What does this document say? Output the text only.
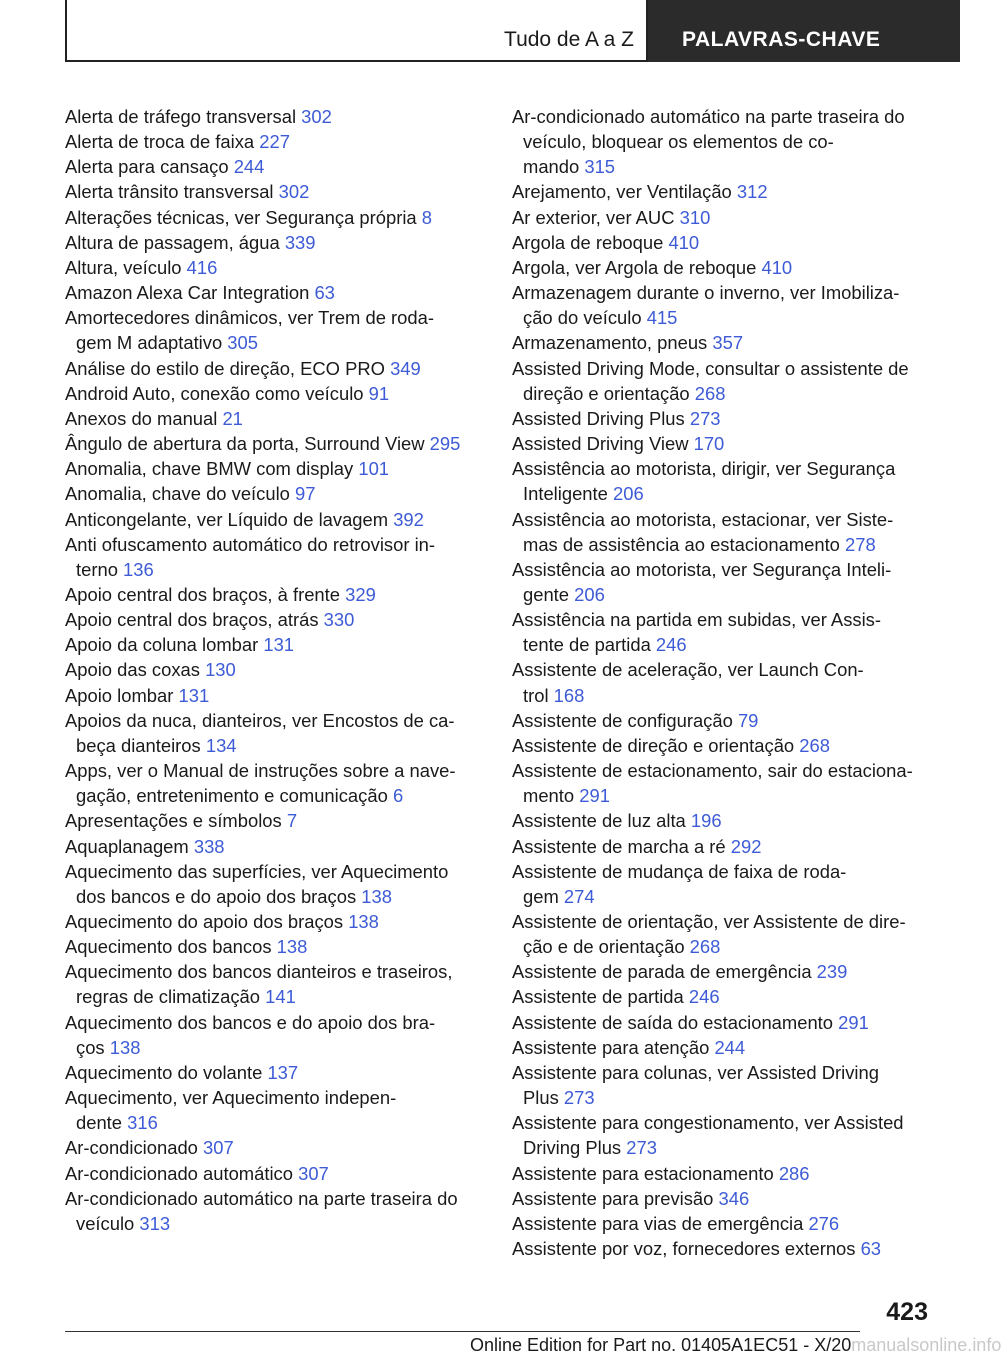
Tudo de A a Z PALAVRAS-CHAVE
Alerta de tráfego transversal 302
Alerta de troca de faixa 227
Alerta para cansaço 244
Alerta trânsito transversal 302
Alterações técnicas, ver Segurança própria 8
Altura de passagem, água 339
Altura, veículo 416
Amazon Alexa Car Integration 63
Amortecedores dinâmicos, ver Trem de roda-
gem M adaptativo 305
Análise do estilo de direção, ECO PRO 349
Android Auto, conexão como veículo 91
Anexos do manual 21
Ângulo de abertura da porta, Surround View 295
Anomalia, chave BMW com display 101
Anomalia, chave do veículo 97
Anticongelante, ver Líquido de lavagem 392
Anti ofuscamento automático do retrovisor in-
terno 136
Apoio central dos braços, à frente 329
Apoio central dos braços, atrás 330
Apoio da coluna lombar 131
Apoio das coxas 130
Apoio lombar 131
Apoios da nuca, dianteiros, ver Encostos de ca-
beça dianteiros 134
Apps, ver o Manual de instruções sobre a nave-
gação, entretenimento e comunicação 6
Apresentações e símbolos 7
Aquaplanagem 338
Aquecimento das superfícies, ver Aquecimento
dos bancos e do apoio dos braços 138
Aquecimento do apoio dos braços 138
Aquecimento dos bancos 138
Aquecimento dos bancos dianteiros e traseiros,
regras de climatização 141
Aquecimento dos bancos e do apoio dos bra-
ços 138
Aquecimento do volante 137
Aquecimento, ver Aquecimento indepen-
dente 316
Ar-condicionado 307
Ar-condicionado automático 307
Ar-condicionado automático na parte traseira do
veículo 313
Ar-condicionado automático na parte traseira do
veículo, bloquear os elementos de co-
mando 315
Arejamento, ver Ventilação 312
Ar exterior, ver AUC 310
Argola de reboque 410
Argola, ver Argola de reboque 410
Armazenagem durante o inverno, ver Imobiliza-
ção do veículo 415
Armazenamento, pneus 357
Assisted Driving Mode, consultar o assistente de
direção e orientação 268
Assisted Driving Plus 273
Assisted Driving View 170
Assistência ao motorista, dirigir, ver Segurança
Inteligente 206
Assistência ao motorista, estacionar, ver Siste-
mas de assistência ao estacionamento 278
Assistência ao motorista, ver Segurança Inteli-
gente 206
Assistência na partida em subidas, ver Assis-
tente de partida 246
Assistente de aceleração, ver Launch Con-
trol 168
Assistente de configuração 79
Assistente de direção e orientação 268
Assistente de estacionamento, sair do estaciona-
mento 291
Assistente de luz alta 196
Assistente de marcha a ré 292
Assistente de mudança de faixa de roda-
gem 274
Assistente de orientação, ver Assistente de dire-
ção e de orientação 268
Assistente de parada de emergência 239
Assistente de partida 246
Assistente de saída do estacionamento 291
Assistente para atenção 244
Assistente para colunas, ver Assisted Driving
Plus 273
Assistente para congestionamento, ver Assisted
Driving Plus 273
Assistente para estacionamento 286
Assistente para previsão 346
Assistente para vias de emergência 276
Assistente por voz, fornecedores externos 63
423
Online Edition for Part no. 01405A1EC51 - X/20manualsonline.info
